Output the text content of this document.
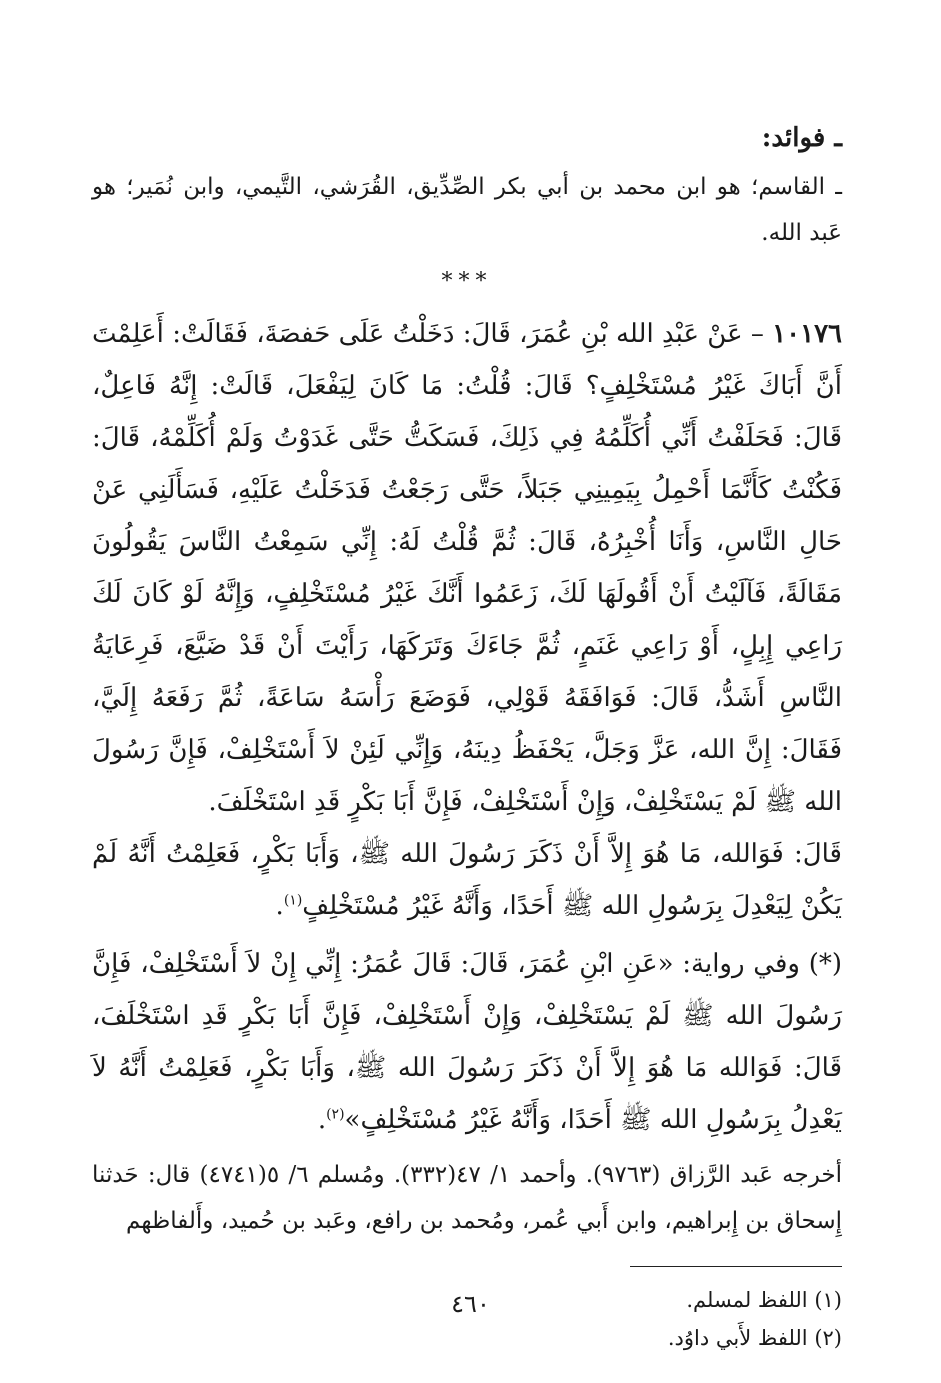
ـ فوائد:

ـ القاسم؛ هو ابن محمد بن أبي بكر الصِّدِّيق، القُرَشي، التَّيمي، وابن نُمَير؛ هو عَبد الله.

***

١٠١٧٦ – عَنْ عَبْدِ الله بْنِ عُمَرَ، قَالَ: دَخَلْتُ عَلَى حَفصَةَ، فَقَالَتْ: أَعَلِمْتَ أَنَّ أَبَاكَ غَيْرُ مُسْتَخْلِفٍ؟ قَالَ: قُلْتُ: مَا كَانَ لِيَفْعَلَ، قَالَتْ: إِنَّهُ فَاعِلٌ، قَالَ: فَحَلَفْتُ أَنِّي أُكَلِّمُهُ فِي ذَلِكَ، فَسَكَتُّ حَتَّى غَدَوْتُ وَلَمْ أُكَلِّمْهُ، قَالَ: فَكُنْتُ كَأَنَّمَا أَحْمِلُ بِيَمِينِي جَبَلاً، حَتَّى رَجَعْتُ فَدَخَلْتُ عَلَيْهِ، فَسَأَلَنِي عَنْ حَالِ النَّاسِ، وَأَنَا أُخْبِرُهُ، قَالَ: ثُمَّ قُلْتُ لَهُ: إِنِّي سَمِعْتُ النَّاسَ يَقُولُونَ مَقَالَةً، فَآلَيْتُ أَنْ أَقُولَهَا لَكَ، زَعَمُوا أَنَّكَ غَيْرُ مُسْتَخْلِفٍ، وَإِنَّهُ لَوْ كَانَ لَكَ رَاعِي إِبِلٍ، أَوْ رَاعِي غَنَمٍ، ثُمَّ جَاءَكَ وَتَرَكَهَا، رَأَيْتَ أَنْ قَدْ ضَيَّعَ، فَرِعَايَةُ النَّاسِ أَشَدُّ، قَالَ: فَوَافَقَهُ قَوْلِي، فَوَضَعَ رَأْسَهُ سَاعَةً، ثُمَّ رَفَعَهُ إِلَيَّ، فَقَالَ: إِنَّ الله، عَزَّ وَجَلَّ، يَحْفَظُ دِينَهُ، وَإِنِّي لَئِنْ لاَ أَسْتَخْلِفْ، فَإِنَّ رَسُولَ الله ﷺ لَمْ يَسْتَخْلِفْ، وَإِنْ أَسْتَخْلِفْ، فَإِنَّ أَبَا بَكْرٍ قَدِ اسْتَخْلَفَ.

قَالَ: فَوَالله، مَا هُوَ إِلاَّ أَنْ ذَكَرَ رَسُولَ الله ﷺ، وَأَبَا بَكْرٍ، فَعَلِمْتُ أَنَّهُ لَمْ يَكُنْ لِيَعْدِلَ بِرَسُولِ الله ﷺ أَحَدًا، وَأَنَّهُ غَيْرُ مُسْتَخْلِفٍ$^{(١)}$.

(*) وفي رواية: «عَنِ ابْنِ عُمَرَ، قَالَ: قَالَ عُمَرُ: إِنِّي إِنْ لاَ أَسْتَخْلِفْ، فَإِنَّ رَسُولَ الله ﷺ لَمْ يَسْتَخْلِفْ، وَإِنْ أَسْتَخْلِفْ، فَإِنَّ أَبَا بَكْرٍ قَدِ اسْتَخْلَفَ، قَالَ: فَوَالله مَا هُوَ إِلاَّ أَنْ ذَكَرَ رَسُولَ الله ﷺ، وَأَبَا بَكْرٍ، فَعَلِمْتُ أَنَّهُ لاَ يَعْدِلُ بِرَسُولِ الله ﷺ أَحَدًا، وَأَنَّهُ غَيْرُ مُسْتَخْلِفٍ»$^{(٢)}$.

أخرجه عَبد الرَّزاق (٩٧٦٣). وأحمد ١/ ٤٧(٣٣٢). ومُسلم ٦/ ٥(٤٧٤١) قال: حَدثنا إِسحاق بن إِبراهيم، وابن أَبي عُمر، ومُحمد بن رافع، وعَبد بن حُميد، وأَلفاظهم

(١) اللفظ لمسلم.

(٢) اللفظ لأَبي داوُد.

٤٦٠
